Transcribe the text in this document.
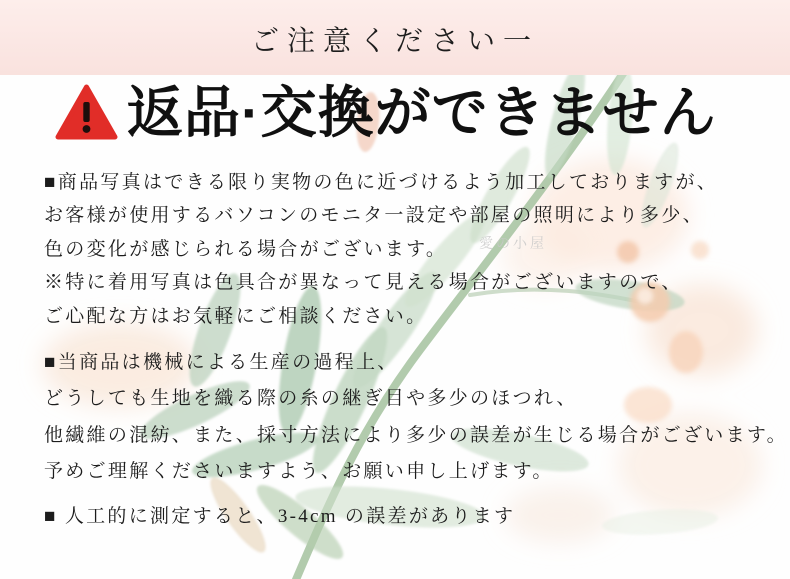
ご注意ください一
返品·交換ができません
■商品写真はできる限り実物の色に近づけるよう加工しておりますが、
お客様が使用するバソコンのモニタ一設定や部屋の照明により多少、
色の変化が感じられる場合がございます。
※特に着用写真は色具合が異なって見える場合がございますので、
ご心配な方はお気軽にご相談ください。
■当商品は機械による生産の過程上、
どうしても生地を織る際の糸の継ぎ目や多少のほつれ、
他繊維の混紡、また、採寸方法により多少の誤差が生じる場合がございます。
予めご理解くださいますよう、お願い申し上げます。
■ 人工的に測定すると、3-4cm の誤差があります
愛の小屋
